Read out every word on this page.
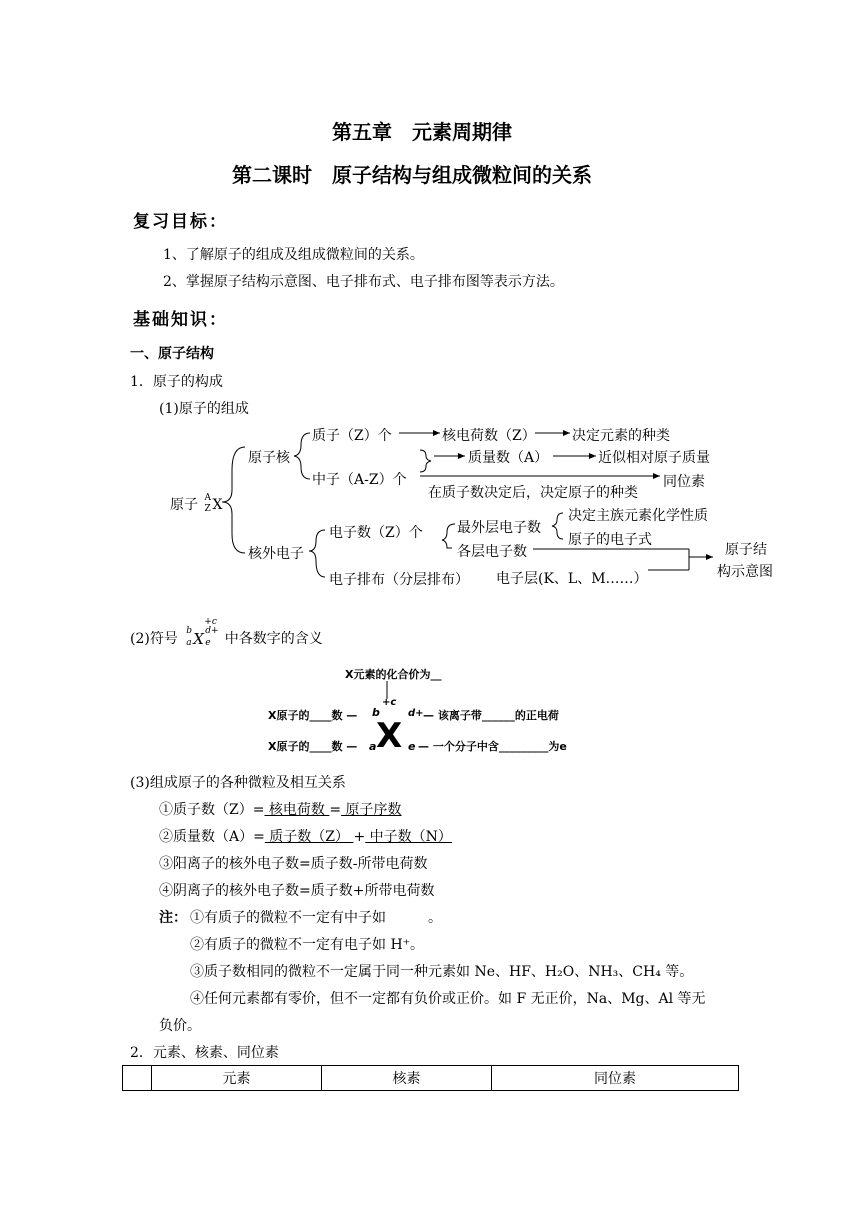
第五章　元素周期律
第二课时　原子结构与组成微粒间的关系
复习目标：
1、了解原子的组成及组成微粒间的关系。
2、掌握原子结构示意图、电子排布式、电子排布图等表示方法。
基础知识：
一、原子结构
1．原子的构成
(1)原子的组成
原子 A
Z X
原子核
质子（Z）个	核电荷数（Z）	决定元素的种类
质量数（A）	近似相对原子质量
中子（A-Z）个	同位素
在质子数决定后，决定原子的种类
核外电子
电子数（Z）个 最外层电子数
决定主族元素化学性质
原子的电子式
各层电子数
电子排布（分层排布） 电子层(K、L、M……）
原子结
构示意图
(2)符号 b
a X
+c
d+
e 中各数字的含义
X元素的化合价为__
X原子的____数 — b
+c
d+ — 该离子带______的正电荷
X原子的____数 — a X e — 一个分子中含_________为e
(3)组成原子的各种微粒及相互关系
①质子数（Z）= 核电荷数 = 原子序数
②质量数（A）= 质子数（Z） + 中子数（N）
③阳离子的核外电子数=质子数-所带电荷数
④阴离子的核外电子数=质子数+所带电荷数
注： ①有质子的微粒不一定有中子如　　　。
②有质子的微粒不一定有电子如 H⁺。
③质子数相同的微粒不一定属于同一种元素如 Ne、HF、H₂O、NH₃、CH₄ 等。
④任何元素都有零价，但不一定都有负价或正价。如 F 无正价，Na、Mg、Al 等无
负价。
2．元素、核素、同位素
	元素	核素	同位素
